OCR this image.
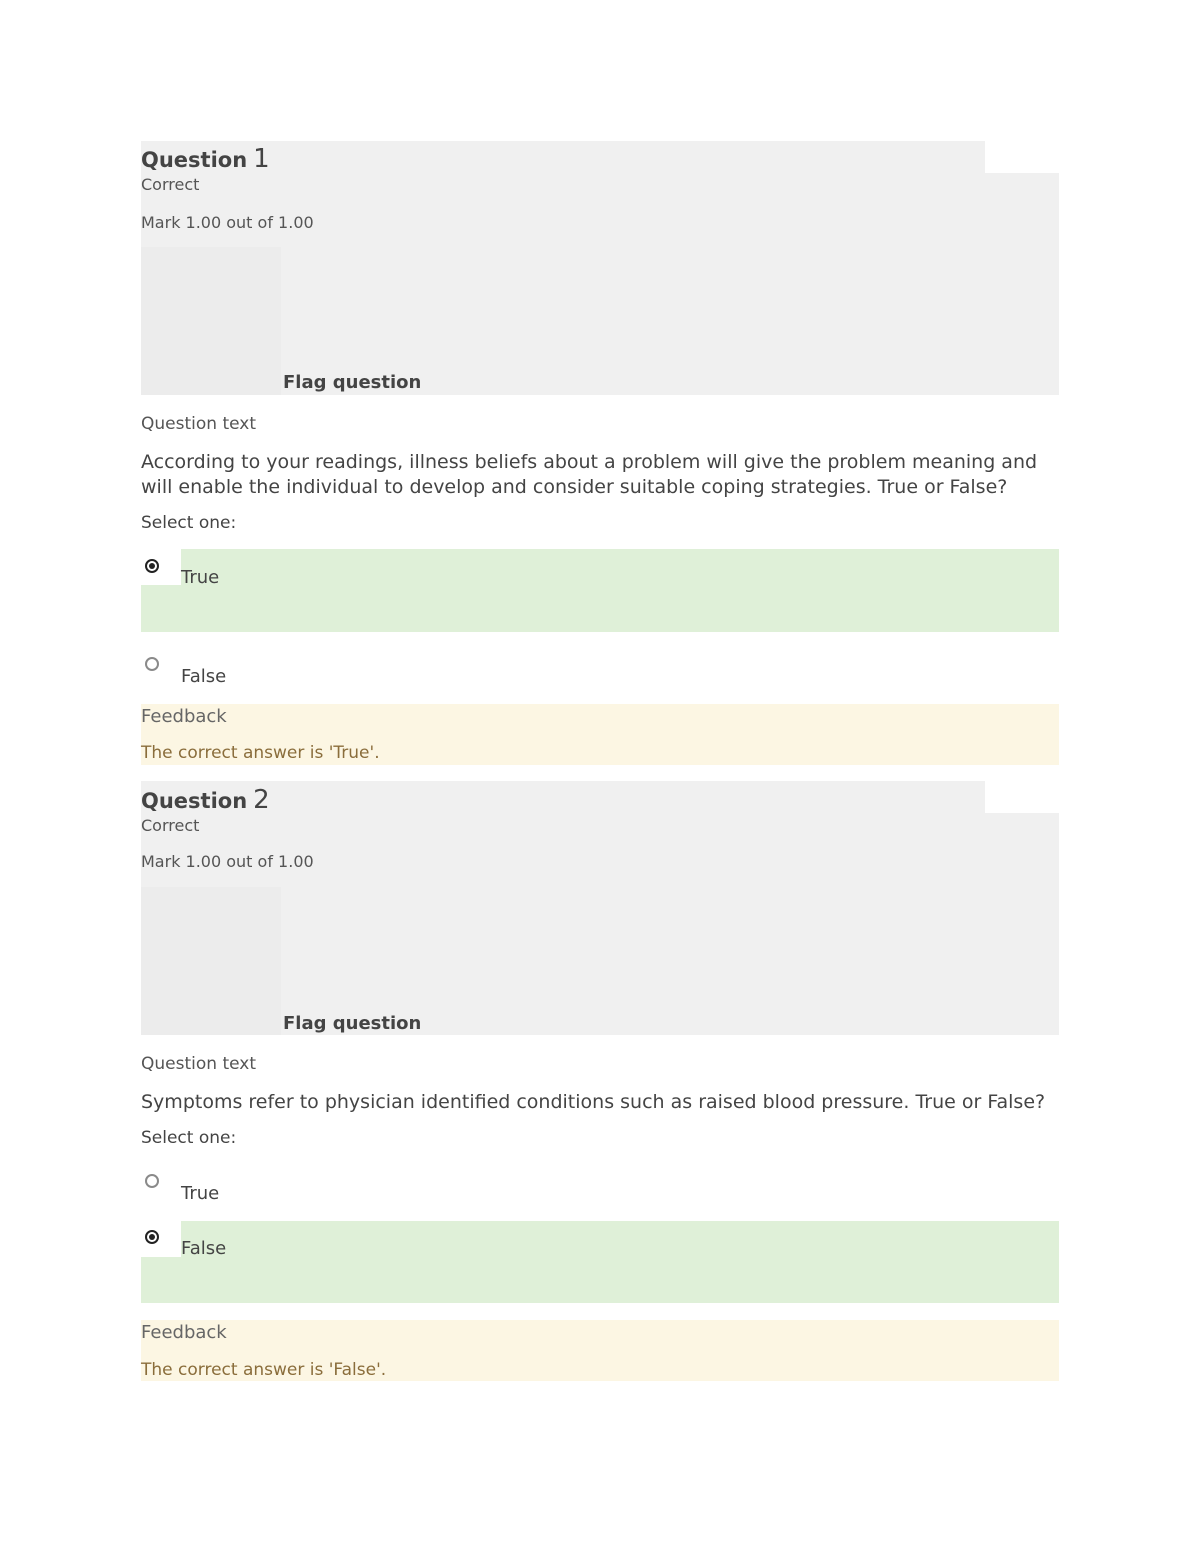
Question 1
Correct
Mark 1.00 out of 1.00
Flag question
Question text
According to your readings, illness beliefs about a problem will give the problem meaning and will enable the individual to develop and consider suitable coping strategies. True or False?
Select one:
True
False
Feedback
The correct answer is 'True'.
Question 2
Correct
Mark 1.00 out of 1.00
Flag question
Question text
Symptoms refer to physician identified conditions such as raised blood pressure. True or False?
Select one:
True
False
Feedback
The correct answer is 'False'.
